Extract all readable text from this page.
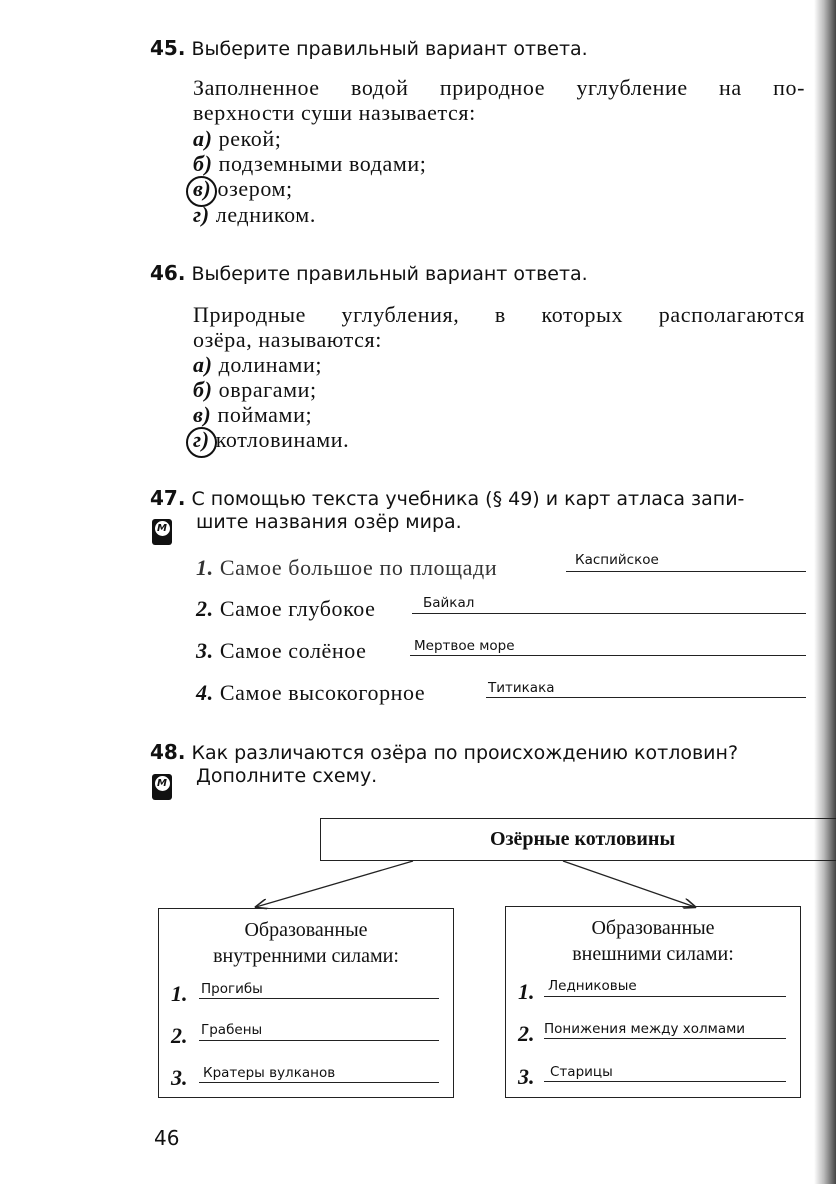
45. Выберите правильный вариант ответа.
Заполненное водой природное углубление на по-
верхности суши называется:
а) рекой;
б) подземными водами;
в) озером;
г) ледником.
46. Выберите правильный вариант ответа.
Природные углубления, в которых располагаются
озёра, называются:
а) долинами;
б) оврагами;
в) поймами;
г) котловинами.
47. С помощью текста учебника (§ 49) и карт атласа запи-
шите названия озёр мира.
М
1. Самое большое по площади	Каспийское
2. Самое глубокое	Байкал
3. Самое солёное	Мертвое море
4. Самое высокогорное	Титикака
48. Как различаются озёра по происхождению котловин?
Дополните схему.
М
Озёрные котловины
Образованные
внутренними силами:
1. Прогибы
2. Грабены
3. Кратеры вулканов
Образованные
внешними силами:
1. Ледниковые
2. Понижения между холмами
3. Старицы
46
